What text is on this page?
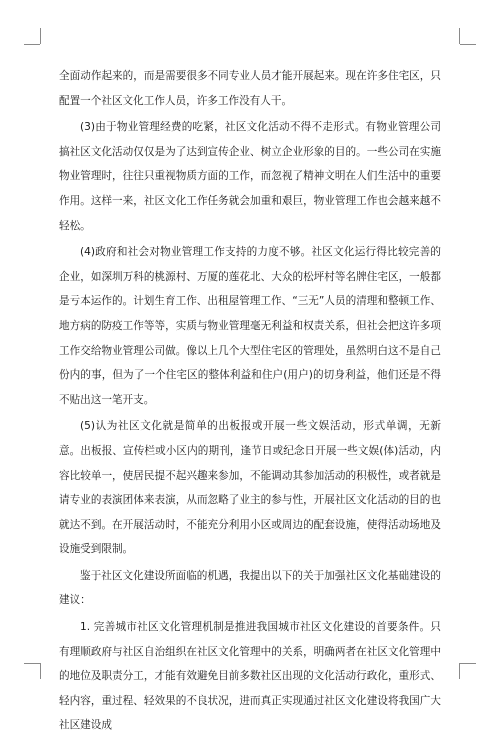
全面动作起来的，而是需要很多不同专业人员才能开展起来。现在许多住宅区，只配置一个社区文化工作人员，许多工作没有人干。

(3)由于物业管理经费的吃紧，社区文化活动不得不走形式。有物业管理公司搞社区文化活动仅仅是为了达到宣传企业、树立企业形象的目的。一些公司在实施物业管理时，往往只重视物质方面的工作，而忽视了精神文明在人们生活中的重要作用。这样一来，社区文化工作任务就会加重和艰巨，物业管理工作也会越来越不轻松。

(4)政府和社会对物业管理工作支持的力度不够。社区文化运行得比较完善的企业，如深圳万科的桃源村、万厦的莲花北、大众的松坪村等名牌住宅区，一般都是亏本运作的。计划生育工作、出租屋管理工作、“三无”人员的清理和整顿工作、地方病的防疫工作等等，实质与物业管理毫无利益和权责关系，但社会把这许多项工作交给物业管理公司做。像以上几个大型住宅区的管理处，虽然明白这不是自己份内的事，但为了一个住宅区的整体利益和住户(用户)的切身利益，他们还是不得不贴出这一笔开支。

(5)认为社区文化就是简单的出板报或开展一些文娱活动，形式单调，无新意。出板报、宣传栏或小区内的期刊，逢节日或纪念日开展一些文娱(体)活动，内容比较单一，使居民提不起兴趣来参加，不能调动其参加活动的积极性，或者就是请专业的表演团体来表演，从而忽略了业主的参与性，开展社区文化活动的目的也就达不到。在开展活动时，不能充分利用小区或周边的配套设施，使得活动场地及设施受到限制。

鉴于社区文化建设所面临的机遇，我提出以下的关于加强社区文化基础建设的建议：

1. 完善城市社区文化管理机制是推进我国城市社区文化建设的首要条件。只有理顺政府与社区自治组织在社区文化管理中的关系，明确两者在社区文化管理中的地位及职责分工，才能有效避免目前多数社区出现的文化活动行政化，重形式、轻内容，重过程、轻效果的不良状况，进而真正实现通过社区文化建设将我国广大社区建设成
